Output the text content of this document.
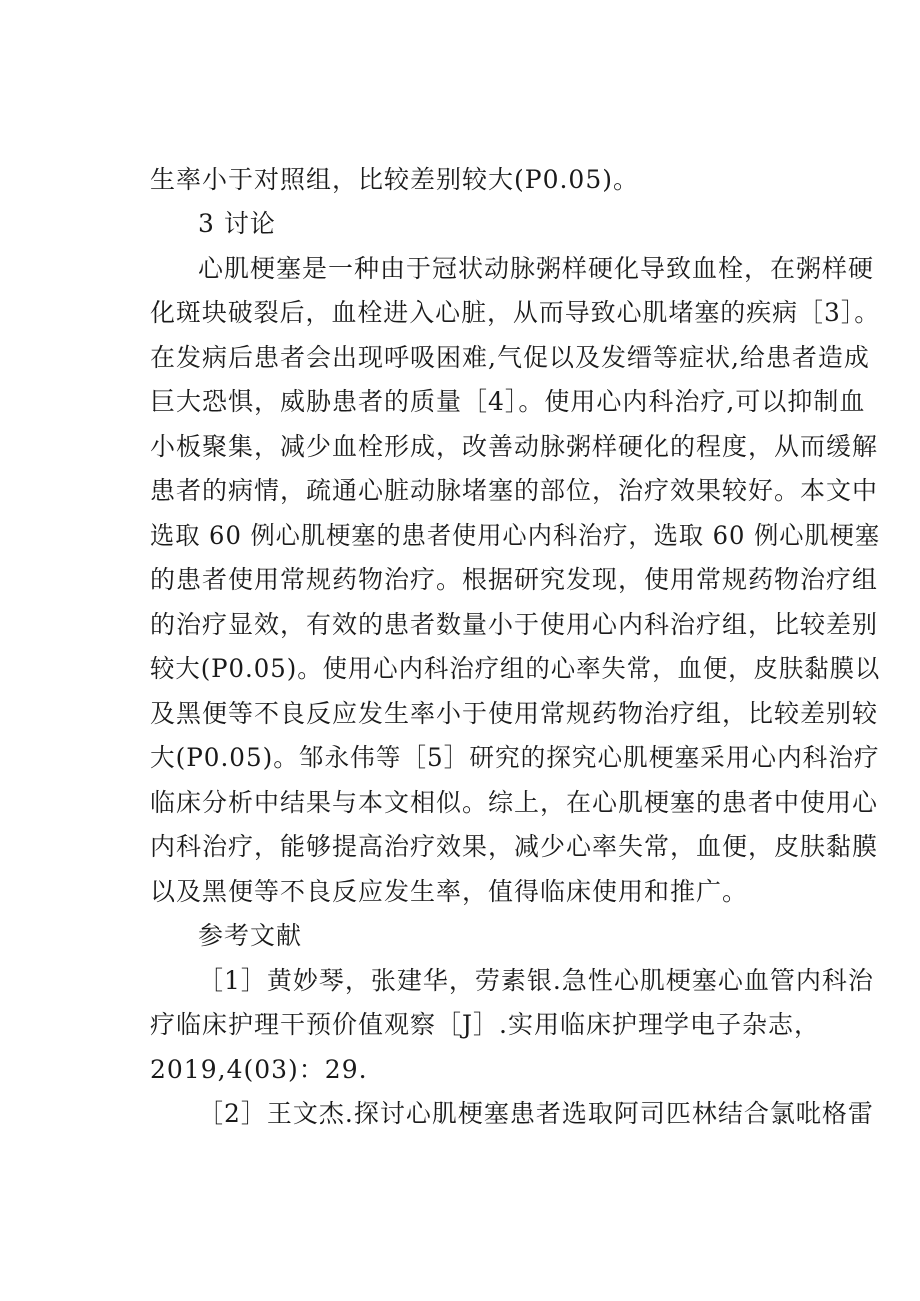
生率小于对照组，比较差别较大(P0.05)。
3 讨论
心肌梗塞是一种由于冠状动脉粥样硬化导致血栓，在粥样硬
化斑块破裂后，血栓进入心脏，从而导致心肌堵塞的疾病［3］。
在发病后患者会出现呼吸困难,气促以及发缙等症状,给患者造成
巨大恐惧，威胁患者的质量［4］。使用心内科治疗,可以抑制血
小板聚集，减少血栓形成，改善动脉粥样硬化的程度，从而缓解
患者的病情，疏通心脏动脉堵塞的部位，治疗效果较好。本文中
选取 60 例心肌梗塞的患者使用心内科治疗，选取 60 例心肌梗塞
的患者使用常规药物治疗。根据研究发现，使用常规药物治疗组
的治疗显效，有效的患者数量小于使用心内科治疗组，比较差别
较大(P0.05)。使用心内科治疗组的心率失常，血便，皮肤黏膜以
及黑便等不良反应发生率小于使用常规药物治疗组，比较差别较
大(P0.05)。邹永伟等［5］研究的探究心肌梗塞采用心内科治疗
临床分析中结果与本文相似。综上，在心肌梗塞的患者中使用心
内科治疗，能够提高治疗效果，减少心率失常，血便，皮肤黏膜
以及黑便等不良反应发生率，值得临床使用和推广。
参考文献
［1］黄妙琴，张建华，劳素银.急性心肌梗塞心血管内科治
疗临床护理干预价值观察［J］.实用临床护理学电子杂志，
2019,4(03)：29.
［2］王文杰.探讨心肌梗塞患者选取阿司匹林结合氯吡格雷
